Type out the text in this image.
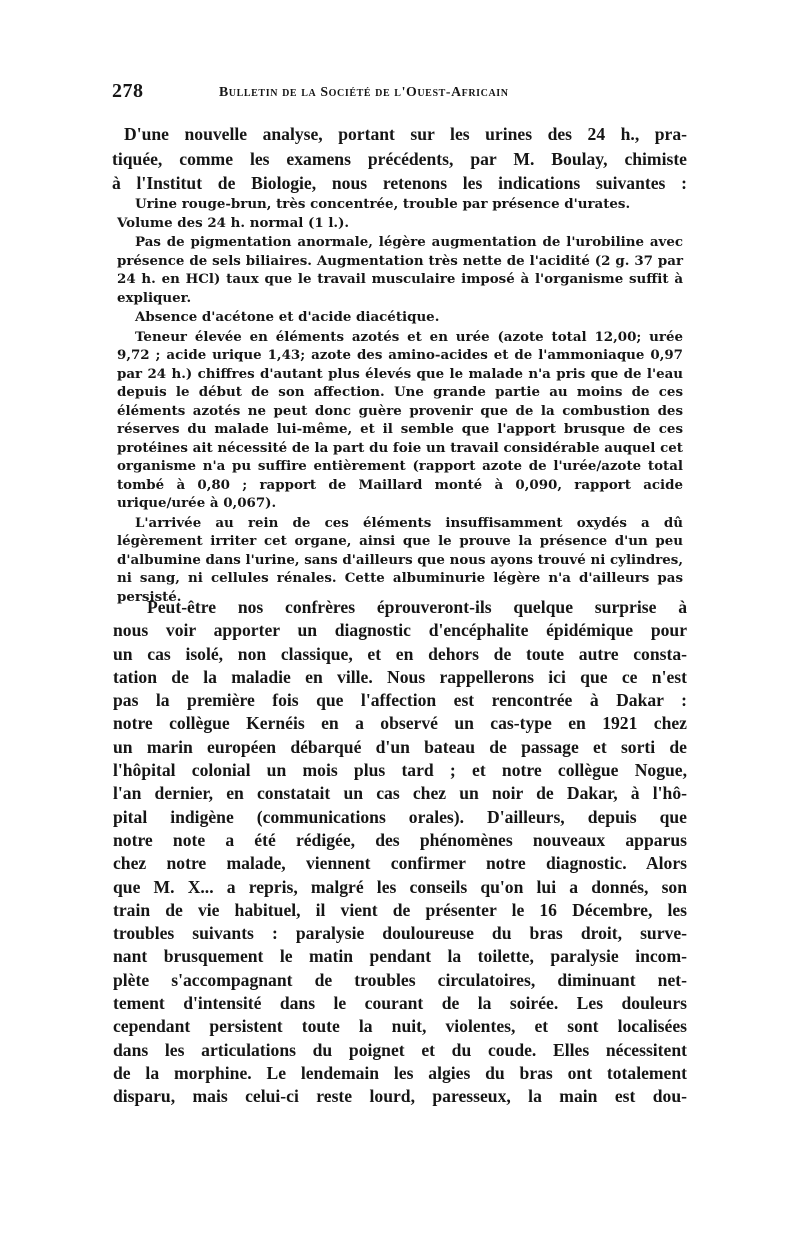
278	Bulletin de la Société de l'Ouest-Africain
D'une nouvelle analyse, portant sur les urines des 24 h., pra-
tiquée, comme les examens précédents, par M. Boulay, chimiste
à l'Institut de Biologie, nous retenons les indications suivantes :

Urine rouge-brun, très concentrée, trouble par présence d'urates.

Volume des 24 h. normal (1 l.).

Pas de pigmentation anormale, légère augmentation de l'urobiline avec présence de sels biliaires. Augmentation très nette de l'acidité (2 g. 37 par 24 h. en HCl) taux que le travail musculaire imposé à l'organisme suffit à expliquer.

Absence d'acétone et d'acide diacétique.

Teneur élevée en éléments azotés et en urée (azote total 12,00; urée 9,72 ; acide urique 1,43; azote des amino-acides et de l'ammoniaque 0,97 par 24 h.) chiffres d'autant plus élevés que le malade n'a pris que de l'eau depuis le début de son affection. Une grande partie au moins de ces éléments azotés ne peut donc guère provenir que de la combustion des réserves du malade lui-même, et il semble que l'apport brusque de ces protéines ait nécessité de la part du foie un travail considérable auquel cet organisme n'a pu suffire entièrement (rapport azote de l'urée/azote total tombé à 0,80 ; rapport de Maillard monté à 0,090, rapport acide urique/urée à 0,067).

L'arrivée au rein de ces éléments insuffisamment oxydés a dû légèrement irriter cet organe, ainsi que le prouve la présence d'un peu d'albumine dans l'urine, sans d'ailleurs que nous ayons trouvé ni cylindres, ni sang, ni cellules rénales. Cette albuminurie légère n'a d'ailleurs pas persisté.

Peut-être nos confrères éprouveront-ils quelque surprise à
nous voir apporter un diagnostic d'encéphalite épidémique pour
un cas isolé, non classique, et en dehors de toute autre consta-
tation de la maladie en ville. Nous rappellerons ici que ce n'est
pas la première fois que l'affection est rencontrée à Dakar :
notre collègue Kernéis en a observé un cas-type en 1921 chez
un marin européen débarqué d'un bateau de passage et sorti de
l'hôpital colonial un mois plus tard ; et notre collègue Nogue,
l'an dernier, en constatait un cas chez un noir de Dakar, à l'hô-
pital indigène (communications orales). D'ailleurs, depuis que
notre note a été rédigée, des phénomènes nouveaux apparus
chez notre malade, viennent confirmer notre diagnostic. Alors
que M. X... a repris, malgré les conseils qu'on lui a donnés, son
train de vie habituel, il vient de présenter le 16 Décembre, les
troubles suivants : paralysie douloureuse du bras droit, surve-
nant brusquement le matin pendant la toilette, paralysie incom-
plète s'accompagnant de troubles circulatoires, diminuant net-
tement d'intensité dans le courant de la soirée. Les douleurs
cependant persistent toute la nuit, violentes, et sont localisées
dans les articulations du poignet et du coude. Elles nécessitent
de la morphine. Le lendemain les algies du bras ont totalement
disparu, mais celui-ci reste lourd, paresseux, la main est dou-
